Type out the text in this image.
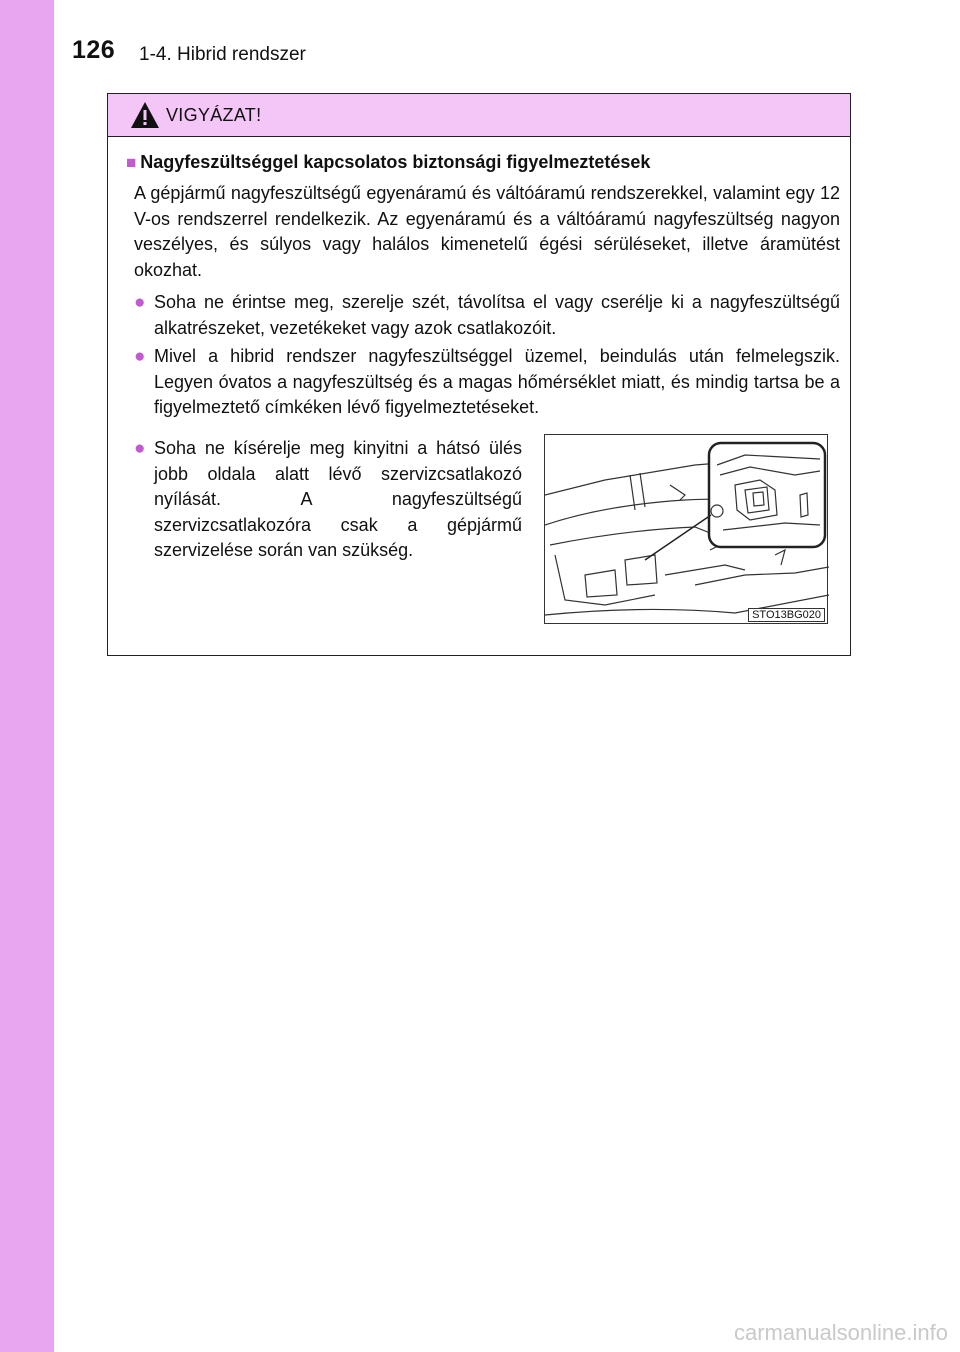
126 1-4. Hibrid rendszer
VIGYÁZAT!
■ Nagyfeszültséggel kapcsolatos biztonsági figyelmeztetések
A gépjármű nagyfeszültségű egyenáramú és váltóáramú rendszerekkel, valamint egy 12 V-os rendszerrel rendelkezik. Az egyenáramú és a váltóáramú nagyfeszültség nagyon veszélyes, és súlyos vagy halálos kimenetelű égési sérüléseket, illetve áramütést okozhat.
● Soha ne érintse meg, szerelje szét, távolítsa el vagy cserélje ki a nagyfeszültségű alkatrészeket, vezetékeket vagy azok csatlakozóit.
● Mivel a hibrid rendszer nagyfeszültséggel üzemel, beindulás után felmelegszik. Legyen óvatos a nagyfeszültség és a magas hőmérséklet miatt, és mindig tartsa be a figyelmeztető címkéken lévő figyelmeztetéseket.
● Soha ne kísérelje meg kinyitni a hátsó ülés jobb oldala alatt lévő szervizcsatlakozó nyílását. A nagyfeszültségű szervizcsatlakozóra csak a gépjármű szervizelése során van szükség.
STO13BG020
carmanualsonline.info
